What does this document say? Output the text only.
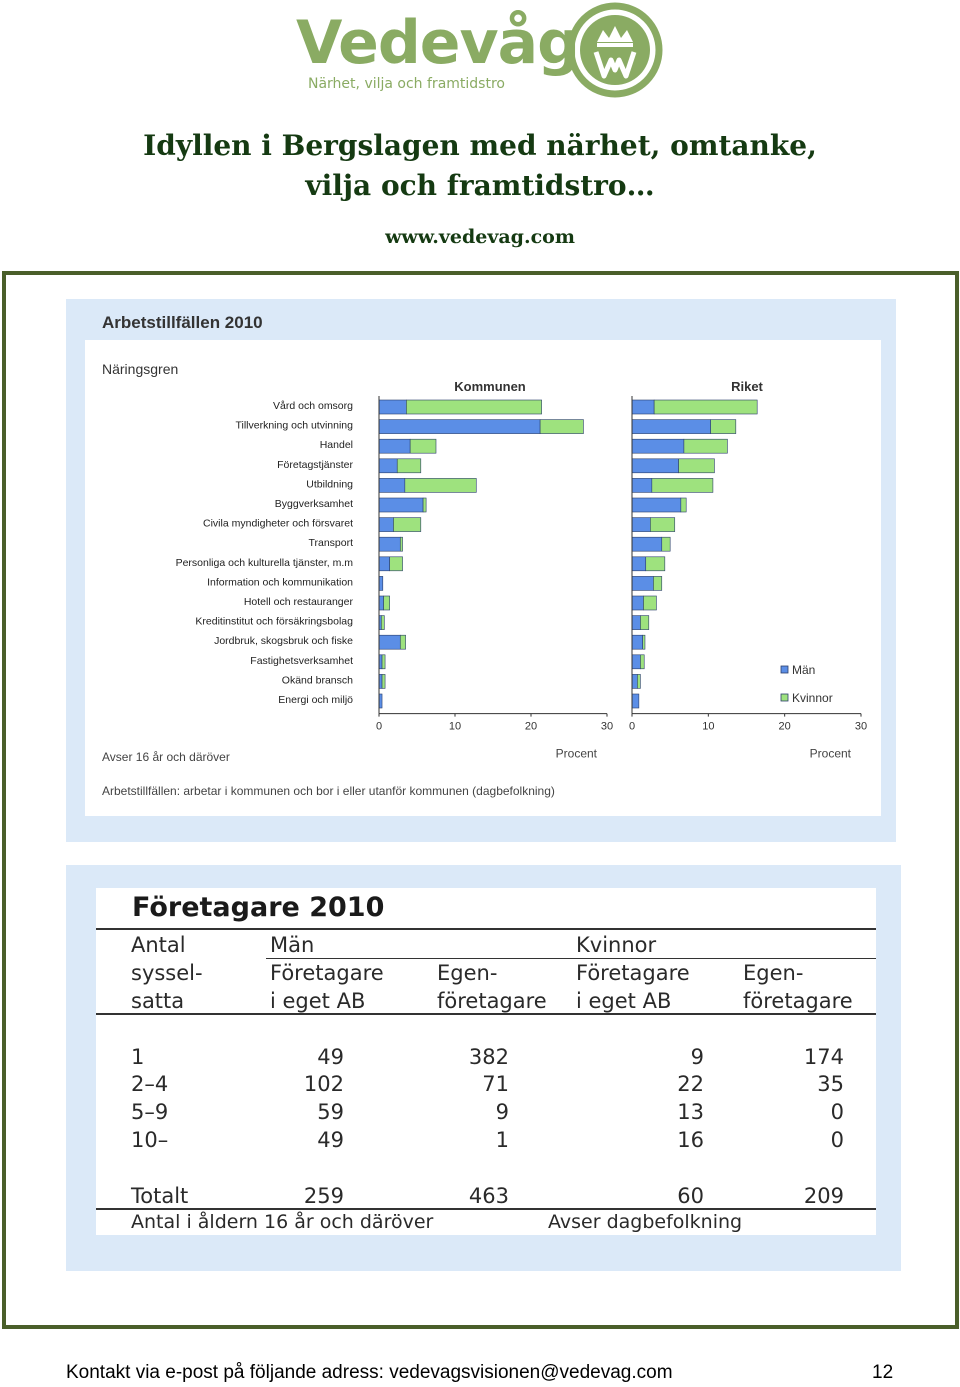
Vedevåg
Närhet, vilja och framtidstro
Idyllen i Bergslagen med närhet, omtanke,
vilja och framtidstro…
www.vedevag.com
Arbetstillfällen 2010
Näringsgren
Vård och omsorg
Tillverkning och utvinning
Handel
Företagstjänster
Utbildning
Byggverksamhet
Civila myndigheter och försvaret
Transport
Personliga och kulturella tjänster, m.m
Information och kommunikation
Hotell och restauranger
Kreditinstitut och försäkringsbolag
Jordbruk, skogsbruk och fiske
Fastighetsverksamhet
Okänd bransch
Energi och miljö
Kommunen
0	10	20	30
Procent
Riket
0	10	20	30
Procent
Män
Kvinnor
Avser 16 år och däröver
Arbetstillfällen: arbetar i kommunen och bor i eller utanför kommunen (dagbefolkning)
Företagare 2010
Antal
syssel-
satta
Män	Kvinnor
Företagare
i eget AB
Egen-
företagare
Företagare
i eget AB
Egen-
företagare
1	49	382	9	174
2–4	102	71	22	35
5–9	59	9	13	0
10–	49	1	16	0
Totalt	259	463	60	209
Antal i åldern 16 år och däröver	Avser dagbefolkning
Kontakt via e-post på följande adress: vedevagsvisionen@vedevag.com	12
